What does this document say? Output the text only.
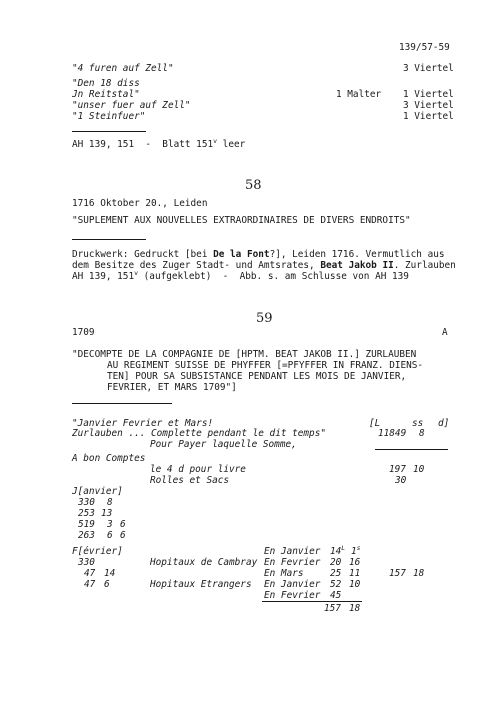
139/57-59
"4 furen auf Zell"	3 Viertel
"Den 18 diss
Jn Reitstal"	1 Malter 1 Viertel
"unser fuer auf Zell"	3 Viertel
"1 Steinfuer"	1 Viertel
AH 139, 151  -  Blatt 151$^v$ leer
58
1716 Oktober 20., Leiden
"SUPLEMENT AUX NOUVELLES EXTRAORDINAIRES DE DIVERS ENDROITS"
Druckwerk: Gedruckt [bei De la Font?], Leiden 1716. Vermutlich aus
dem Besitze des Zuger Stadt- und Amtsrates, Beat Jakob II. Zurlauben
AH 139, 151$^v$ (aufgeklebt)  -  Abb. s. am Schlusse von AH 139
59
1709	A
"DECOMPTE DE LA COMPAGNIE DE [HPTM. BEAT JAKOB II.] ZURLAUBEN
AU REGIMENT SUISSE DE PHYFFER [=PFYFFER IN FRANZ. DIENS-
TEN] POUR SA SUBSISTANCE PENDANT LES MOIS DE JANVIER,
FEVRIER, ET MARS 1709"]
"Janvier Fevrier et Mars!	[L	ss d]
Zurlauben ... Complette pendant le dit temps"	11849 8
Pour Payer laquelle Somme,
A bon Comptes
le 4 d pour livre	197 10
Rolles et Sacs	30
J[anvier]
330 8
253 13
519 3 6
263 6 6
F[évrier]	En Janvier $14^L$ 1$^s$
330	Hopitaux de Cambray En Fevrier 20 16
47 14	En Mars	25 11	157 18
47 6	Hopitaux Etrangers En Janvier 52 10
En Fevrier 45
157 18
